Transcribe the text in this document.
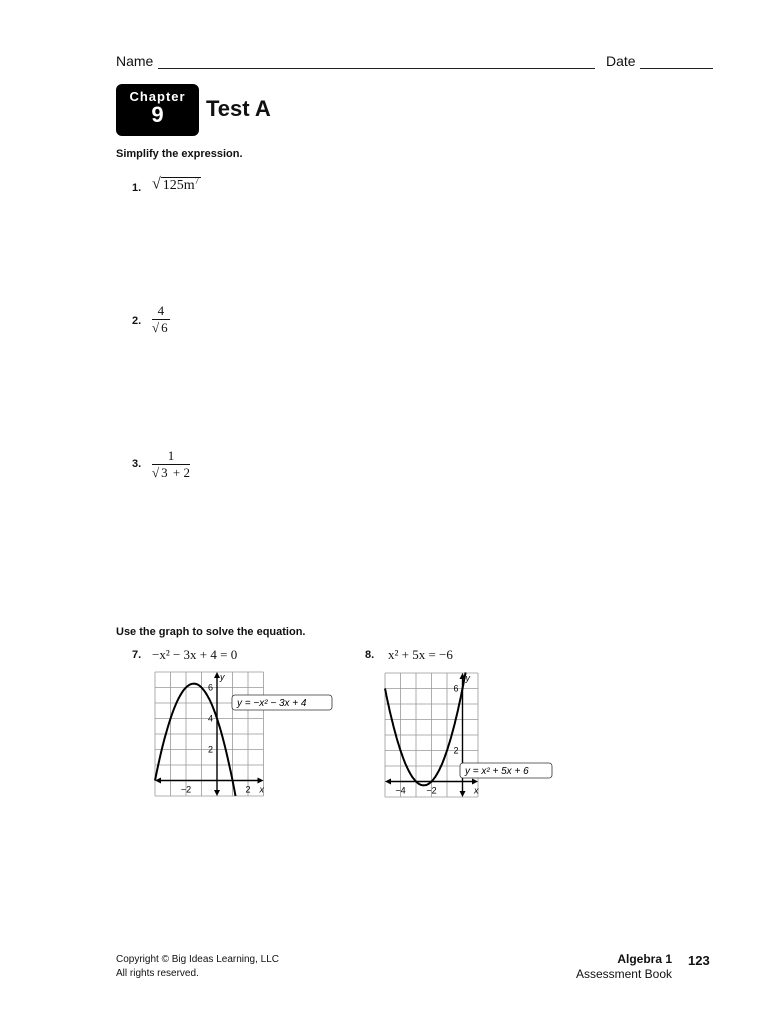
Name	Date
Chapter
9	Test A
Simplify the expression.
1. √ $125m^7$
2. $\frac{4}{√ 6}$
3. $\frac{1}{√ 3 + 2}$
Use the graph to solve the equation.
7. −x² − 3x + 4 = 0	8. x² + 5x = −6
−2	2
2
4
6
x
y
y = −x² − 3x + 4
−4 −2
2
6
x
y
y = x² + 5x + 6
Copyright © Big Ideas Learning, LLC
All rights reserved.
Algebra 1
Assessment Book
123
